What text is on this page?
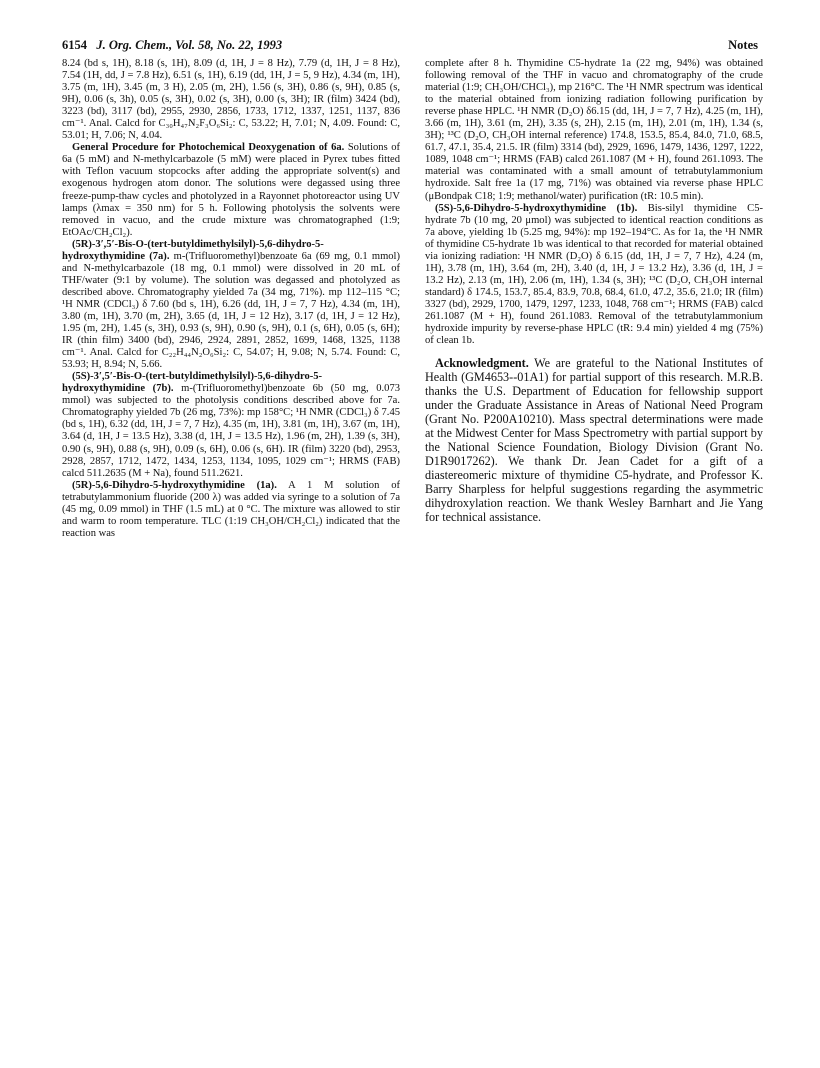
6154 J. Org. Chem., Vol. 58, No. 22, 1993	Notes

8.24 (bd s, 1H), 8.18 (s, 1H), 8.09 (d, 1H, J = 8 Hz), 7.79 (d, 1H, J = 8 Hz), 7.54 (1H, dd, J = 7.8 Hz), 6.51 (s, 1H), 6.19 (dd, 1H, J = 5, 9 Hz), 4.34 (m, 1H), 3.75 (m, 1H), 3.45 (m, 3 H), 2.05 (m, 2H), 1.56 (s, 3H), 0.86 (s, 9H), 0.85 (s, 9H), 0.06 (s, 3h), 0.05 (s, 3H), 0.02 (s, 3H), 0.00 (s, 3H); IR (film) 3424 (bd), 3223 (bd), 3117 (bd), 2955, 2930, 2856, 1733, 1712, 1337, 1251, 1137, 836 cm⁻¹. Anal. Calcd for C₃₀H₄₇N₂F₃O₆Si₂: C, 53.22; H, 7.01; N, 4.09. Found: C, 53.01; H, 7.06; N, 4.04.

General Procedure for Photochemical Deoxygenation of 6a. Solutions of 6a (5 mM) and N-methylcarbazole (5 mM) were placed in Pyrex tubes fitted with Teflon vacuum stopcocks after adding the appropriate solvent(s) and exogenous hydrogen atom donor. The solutions were degassed using three freeze-pump-thaw cycles and photolyzed in a Rayonnet photoreactor using UV lamps (λmax = 350 nm) for 5 h. Following photolysis the solvents were removed in vacuo, and the crude mixture was chromatographed (1:9; EtOAc/CH₂Cl₂).

(5R)-3′,5′-Bis-O-(tert-butyldimethylsilyl)-5,6-dihydro-5-hydroxythymidine (7a). m-(Trifluoromethyl)benzoate 6a (69 mg, 0.1 mmol) and N-methylcarbazole (18 mg, 0.1 mmol) were dissolved in 20 mL of THF/water (9:1 by volume). The solution was degassed and photolyzed as described above. Chromatography yielded 7a (34 mg, 71%). mp 112–115 °C; ¹H NMR (CDCl₃) δ 7.60 (bd s, 1H), 6.26 (dd, 1H, J = 7, 7 Hz), 4.34 (m, 1H), 3.80 (m, 1H), 3.70 (m, 2H), 3.65 (d, 1H, J = 12 Hz), 3.17 (d, 1H, J = 12 Hz), 1.95 (m, 2H), 1.45 (s, 3H), 0.93 (s, 9H), 0.90 (s, 9H), 0.1 (s, 6H), 0.05 (s, 6H); IR (thin film) 3400 (bd), 2946, 2924, 2891, 2852, 1699, 1468, 1325, 1138 cm⁻¹. Anal. Calcd for C₂₂H₄₄N₂O₆Si₂: C, 54.07; H, 9.08; N, 5.74. Found: C, 53.93; H, 8.94; N, 5.66.

(5S)-3′,5′-Bis-O-(tert-butyldimethylsilyl)-5,6-dihydro-5-hydroxythymidine (7b). m-(Trifluoromethyl)benzoate 6b (50 mg, 0.073 mmol) was subjected to the photolysis conditions described above for 7a. Chromatography yielded 7b (26 mg, 73%): mp 158°C; ¹H NMR (CDCl₃) δ 7.45 (bd s, 1H), 6.32 (dd, 1H, J = 7, 7 Hz), 4.35 (m, 1H), 3.81 (m, 1H), 3.67 (m, 1H), 3.64 (d, 1H, J = 13.5 Hz), 3.38 (d, 1H, J = 13.5 Hz), 1.96 (m, 2H), 1.39 (s, 3H), 0.90 (s, 9H), 0.88 (s, 9H), 0.09 (s, 6H), 0.06 (s, 6H). IR (film) 3220 (bd), 2953, 2928, 2857, 1712, 1472, 1434, 1253, 1134, 1095, 1029 cm⁻¹; HRMS (FAB) calcd 511.2635 (M + Na), found 511.2621.

(5R)-5,6-Dihydro-5-hydroxythymidine (1a). A 1 M solution of tetrabutylammonium fluoride (200 λ) was added via syringe to a solution of 7a (45 mg, 0.09 mmol) in THF (1.5 mL) at 0 °C. The mixture was allowed to stir and warm to room temperature. TLC (1:19 CH₃OH/CH₂Cl₂) indicated that the reaction was

complete after 8 h. Thymidine C5-hydrate 1a (22 mg, 94%) was obtained following removal of the THF in vacuo and chromatography of the crude material (1:9; CH₃OH/CHCl₃), mp 216°C. The ¹H NMR spectrum was identical to the material obtained from ionizing radiation following purification by reverse phase HPLC. ¹H NMR (D₂O) δ6.15 (dd, 1H, J = 7, 7 Hz), 4.25 (m, 1H), 3.66 (m, 1H), 3.61 (m, 2H), 3.35 (s, 2H), 2.15 (m, 1H), 2.01 (m, 1H), 1.34 (s, 3H); ¹³C (D₂O, CH₃OH internal reference) 174.8, 153.5, 85.4, 84.0, 71.0, 68.5, 61.7, 47.1, 35.4, 21.5. IR (film) 3314 (bd), 2929, 1696, 1479, 1436, 1297, 1222, 1089, 1048 cm⁻¹; HRMS (FAB) calcd 261.1087 (M + H), found 261.1093. The material was contaminated with a small amount of tetrabutylammonium hydroxide. Salt free 1a (17 mg, 71%) was obtained via reverse phase HPLC (μBondpak C18; 1:9; methanol/water) purification (tR: 10.5 min).

(5S)-5,6-Dihydro-5-hydroxythymidine (1b). Bis-silyl thymidine C5-hydrate 7b (10 mg, 20 μmol) was subjected to identical reaction conditions as 7a above, yielding 1b (5.25 mg, 94%): mp 192–194°C. As for 1a, the ¹H NMR of thymidine C5-hydrate 1b was identical to that recorded for material obtained via ionizing radiation: ¹H NMR (D₂O) δ 6.15 (dd, 1H, J = 7, 7 Hz), 4.24 (m, 1H), 3.78 (m, 1H), 3.64 (m, 2H), 3.40 (d, 1H, J = 13.2 Hz), 3.36 (d, 1H, J = 13.2 Hz), 2.13 (m, 1H), 2.06 (m, 1H), 1.34 (s, 3H); ¹³C (D₂O, CH₃OH internal standard) δ 174.5, 153.7, 85.4, 83.9, 70.8, 68.4, 61.0, 47.2, 35.6, 21.0; IR (film) 3327 (bd), 2929, 1700, 1479, 1297, 1233, 1048, 768 cm⁻¹; HRMS (FAB) calcd 261.1087 (M + H), found 261.1083. Removal of the tetrabutylammonium hydroxide impurity by reverse-phase HPLC (tR: 9.4 min) yielded 4 mg (75%) of clean 1b.

Acknowledgment. We are grateful to the National Institutes of Health (GM4653-‑01A1) for partial support of this research. M.R.B. thanks the U.S. Department of Education for fellowship support under the Graduate Assistance in Areas of National Need Program (Grant No. P200A10210). Mass spectral determinations were made at the Midwest Center for Mass Spectrometry with partial support by the National Science Foundation, Biology Division (Grant No. D1R9017262). We thank Dr. Jean Cadet for a gift of a diastereomeric mixture of thymidine C5-hydrate, and Professor K. Barry Sharpless for helpful suggestions regarding the asymmetric dihydroxylation reaction. We thank Wesley Barnhart and Jie Yang for technical assistance.
